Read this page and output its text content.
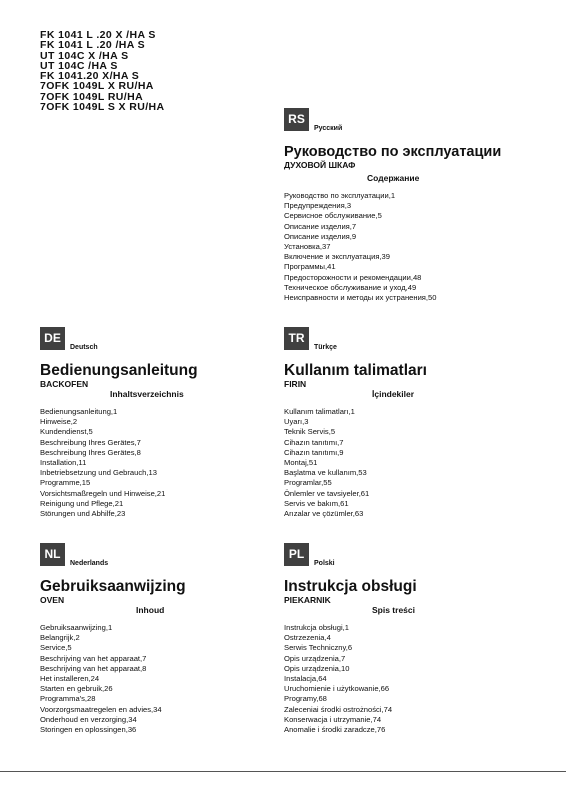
FK 1041 L .20 X /HA S
FK 1041 L .20 /HA S
UT 104C X /HA S
UT 104C /HA S
FK 1041.20 X/HA S
7OFK 1049L X RU/HA
7OFK 1049L RU/HA
7OFK 1049L S X RU/HA
RS
Русский
Руководство по эксплуатации
ДУХОВОЙ ШКАФ
Содержание
Руководство по эксплуатации,1
Предупреждения,3
Сервисное обслуживание,5
Описание изделия,7
Описание изделия,9
Установка,37
Включение и эксплуатация,39
Программы,41
Предосторожности и рекомендации,48
Техническое обслуживание и уход,49
Неисправности и методы их устранения,50
DE
Deutsch
Bedienungsanleitung
BACKOFEN
Inhaltsverzeichnis
Bedienungsanleitung,1
Hinweise,2
Kundendienst,5
Beschreibung Ihres Gerätes,7
Beschreibung Ihres Gerätes,8
Installation,11
Inbetriebsetzung und Gebrauch,13
Programme,15
Vorsichtsmaßregeln und Hinweise,21
Reinigung und Pflege,21
Störungen und Abhilfe,23
TR
Türkçe
Kullanım talimatları
FIRIN
İçindekiler
Kullanım talimatları,1
Uyarı,3
Teknik Servis,5
Cihazın tanıtımı,7
Cihazın tanıtımı,9
Montaj,51
Başlatma ve kullanım,53
Programlar,55
Önlemler ve tavsiyeler,61
Servis ve bakım,61
Arızalar ve çözümler,63
NL
Nederlands
Gebruiksaanwijzing
OVEN
Inhoud
Gebruiksaanwijzing,1
Belangrijk,2
Service,5
Beschrijving van het apparaat,7
Beschrijving van het apparaat,8
Het installeren,24
Starten en gebruik,26
Programma's,28
Voorzorgsmaatregelen en advies,34
Onderhoud en verzorging,34
Storingen en oplossingen,36
PL
Polski
Instrukcja obsługi
PIEKARNIK
Spis treści
Instrukcja obsługi,1
Ostrzezenia,4
Serwis Techniczny,6
Opis urządzenia,7
Opis urządzenia,10
Instalacja,64
Uruchomienie i użytkowanie,66
Programy,68
Zaleceniai środki ostrożności,74
Konserwacja i utrzymanie,74
Anomalie i środki zaradcze,76
